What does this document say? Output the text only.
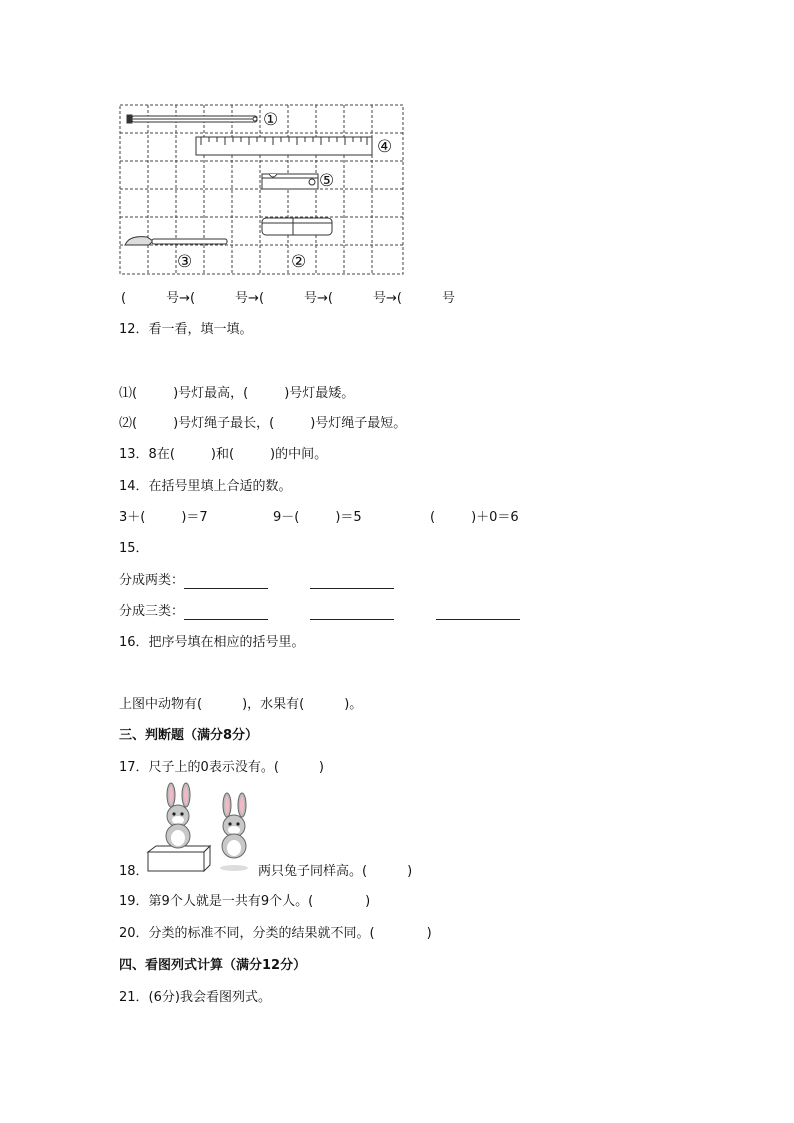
①
④
⑤
③	②
(	号→(	号→(	号→(	号→(	号
12．看一看，填一填。
⑴(	)号灯最高，(	)号灯最矮。
⑵(	)号灯绳子最长，(	)号灯绳子最短。
13．8在(	)和(	)的中间。
14．在括号里填上合适的数。
3＋(	)＝7	9－(	)＝5	(	)＋0＝6
15．
分成两类：
分成三类：
16．把序号填在相应的括号里。
上图中动物有(	)，水果有(	)。
三、判断题（满分8分）
17．尺子上的0表示没有。(	)
18．	两只兔子同样高。(	)
19．第9个人就是一共有9个人。(	)
20．分类的标准不同，分类的结果就不同。(	)
四、看图列式计算（满分12分）
21．(6分)我会看图列式。
